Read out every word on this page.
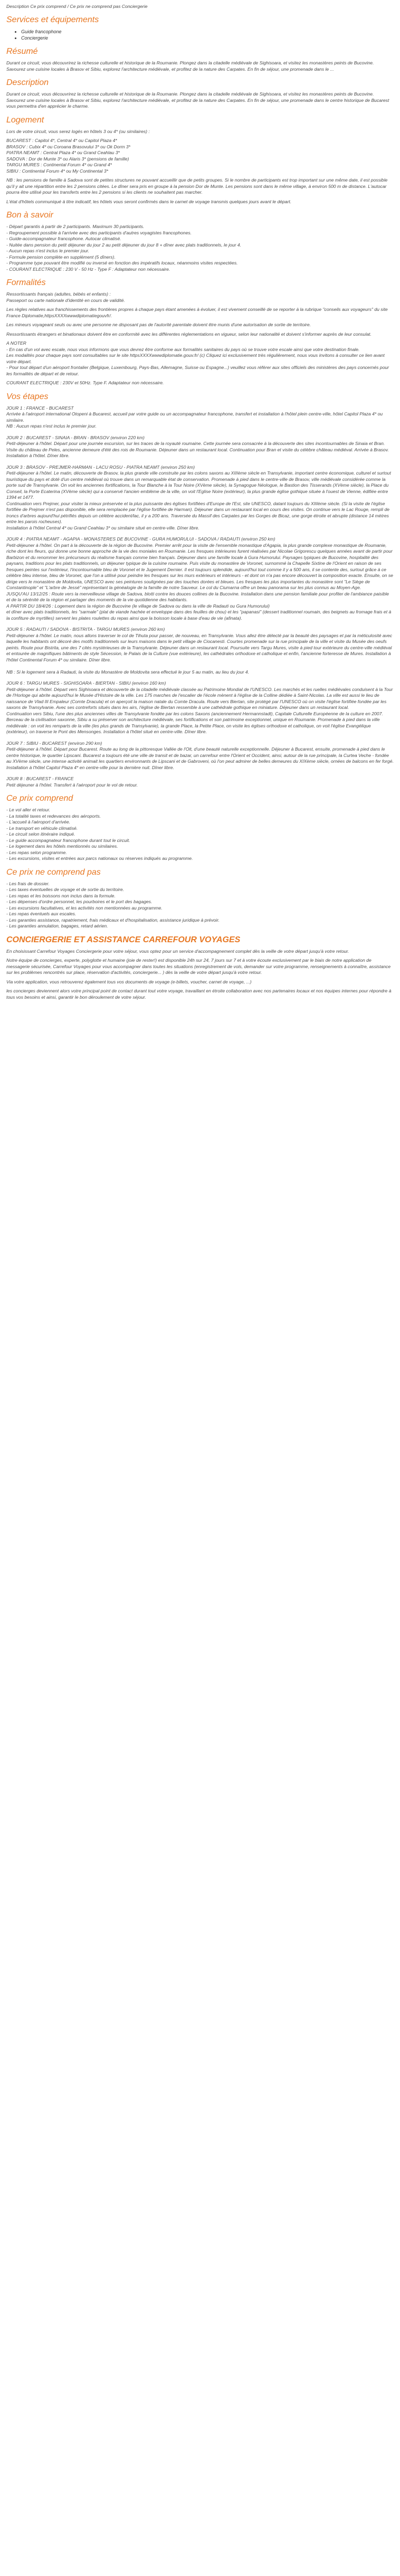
Description Ce prix comprend / Ce prix ne comprend pas Conciergerie

Services et équipements
• Guide francophone
• Conciergerie
Résumé

Durant ce circuit, vous découvrirez la richesse culturelle et historique de la Roumanie. Plongez dans la citadelle médiévale de Sighisoara, et visitez les monastères peints de Bucovine. Savourez une cuisine locales à Brasov et Sibiu, explorez l'architecture médiévale, et profitez de la nature des Carpates. En fin de séjour, une promenade dans le ...

Description

Durant ce circuit, vous découvrirez la richesse culturelle et historique de la Roumanie. Plongez dans la citadelle médiévale de Sighisoara, et visitez les monastères peints de Bucovine. Savourez une cuisine locales à Brasov et Sibiu, explorez l'architecture médiévale, et profitez de la nature des Carpates. En fin de séjour, une promenade dans le centre historique de Bucarest vous permettra d'en apprécier le charme.

Logement

Lors de votre circuit, vous serez logés en hôtels 3 ou 4* (ou similaires) :

BUCAREST : Capitol 4*, Central 4* ou Capitol Plaza 4*

BRASOV : Cubix 4* ou Coroana Brasovului 3* ou Ok Dorm 3*

PIATRA NEAMT : Central Plaza 4* ou Grand Ceahlau 3*

SADOVA : Dor de Munte 3* ou Alaris 3* (pensions de famille)

TARGU MURES : Continental Forum 4* ou Grand 4*

SIBIU : Continental Forum 4* ou My Continental 3*

NB : les pensions de famille à Sadova sont de petites structures ne pouvant accueillir que de petits groupes. Si le nombre de participants est trop important sur une même date, il est possible qu'il y ait une répartition entre les 2 pensions citées. Le dîner sera pris en groupe à la pension Dor de Munte. Les pensions sont dans le même village, à environ 500 m de distance. L'autocar pourra être utilisé pour les transferts entre les 2 pensions si les clients ne souhaitent pas marcher.

L'état d'hôtels communiqué à titre indicatif, les hôtels vous seront confirmés dans le carnet de voyage transmis quelques jours avant le départ.

Bon à savoir

- Départ garantis à partir de 2 participants. Maximum 30 participants.

- Regroupement possible à l'arrivée avec des participants d'autres voyagistes francophones.

- Guide-accompagnateur francophone. Autocar climatisé.

- Nuitée dans pension du petit déjeuner du jour 2 au petit déjeuner du jour 8 + dîner avec plats traditionnels, le jour 4.

- Aucun repas n'est inclus le premier jour.

- Formule pension complète en supplément (5 dîners).

- Programme type pouvant être modifié ou inversé en fonction des impératifs locaux, néanmoins visites respectées.

- COURANT ELECTRIQUE : 230 V - 50 Hz - Type F : Adaptateur non nécessaire.

Formalités

Ressortissants français (adultes, bébés et enfants) :

Passeport ou carte nationale d'identité en cours de validité.

Les règles relatives aux franchissements des frontières propres à chaque pays étant amenées à évoluer, il est vivement conseillé de se reporter à la rubrique "conseils aux voyageurs" du site France Diplomatie,httpsXXXXwwwdiplomatiegouvfr/.

Les mineurs voyageant seuls ou avec une personne ne disposant pas de l'autorité parentale doivent être munis d'une autorisation de sortie de territoire.

Ressortissants étrangers et binationaux doivent être en conformité avec les différentes réglementations en vigueur, selon leur nationalité et doivent s'informer auprès de leur consulat.

A NOTER

- En cas d'un vol avec escale, nous vous informons que vous devrez être conforme aux formalités sanitaires du pays où se trouve votre escale ainsi que votre destination finale.

Les modalités pour chaque pays sont consultables sur le site httpsXXXXwwwdiplomatie.gouv.fr/ (c) Cliquez ici exclusivement très régulièrement, nous vous invitons à consulter ce lien avant votre départ.

- Pour tout départ d'un aéroport frontalier (Belgique, Luxembourg, Pays-Bas, Allemagne, Suisse ou Espagne...) veuillez vous référer aux sites officiels des ministères des pays concernés pour les formalités de départ et de retour.

COURANT ELECTRIQUE : 230V et 50Hz. Type F. Adaptateur non nécessaire.

Vos étapes
JOUR 1 : FRANCE - BUCAREST
Arrivée à l'aéroport international Otopeni à Bucarest, accueil par votre guide ou un accompagnateur francophone, transfert et installation à l'hôtel plein centre-ville, hôtel Capitol Plaza 4* ou similaire.
NB : Aucun repas n'est inclus le premier jour.
JOUR 2 : BUCAREST - SINAIA - BRAN - BRASOV (environ 220 km)
Petit-déjeuner à l'hôtel. Départ pour une journée excursion, sur les traces de la royauté roumaine. Cette journée sera consacrée à la découverte des sites incontournables de Sinaia et Bran. Visite du château de Peles, ancienne demeure d'été des rois de Roumanie. Déjeuner dans un restaurant local. Continuation pour Bran et visite du célèbre château médiéval. Arrivée à Brasov. Installation à l'hôtel. Dîner libre.
JOUR 3 : BRASOV - PREJMER-HARMAN - LACU ROSU - PIATRA NEAMT (environ 250 km)
Petit-déjeuner à l'hôtel. Le matin, découverte de Brasov, la plus grande ville construite par les colons saxons au XIIIème siècle en Transylvanie, important centre économique, culturel et surtout touristique du pays et doté d'un centre médiéval où trouve dans un remarquable état de conservation. Promenade à pied dans le centre-ville de Brasov, ville médiévale considérée comme la porte sud de Transylvanie. On voit les anciennes fortifications, la Tour Blanche à la Tour Noire (XVème siècle), la Synagogue Néologue, le Bastion des Tisserands (XVème siècle), la Place du Conseil, la Porte Ecaterina (XVème siècle) qui a conservé l'ancien emblème de la ville, on voit l'Eglise Noire (extérieur), la plus grande église gothique située à l'ouest de Vienne, édifiée entre 1394 et 1477.
Continuation vers Prejmer, pour visiter la mieux préservée et la plus puissante des églises fortifiées d'Europe de l'Est, site UNESCO, datant toujours du XIIIème siècle. (Si la visite de l'église fortifiée de Prejmer n'est pas disponible, elle sera remplacée par l'église fortifiée de Harman). Déjeuner dans un restaurant local en cours des visites. On continue vers le Lac Rouge, rempli de troncs d'arbres aujourd'hui pétrifiés depuis un célèbre accident/lac, il y a 200 ans. Traversée du Massif des Carpates par les Gorges de Bicaz, une gorge étroite et abrupte (distance 14 mètres entre les parois rocheuses).
Installation à l'hôtel Central 4* ou Grand Ceahlau 3* ou similaire situé en centre-ville. Dîner libre.
JOUR 4 : PIATRA NEAMT - AGAPIA - MONASTERES DE BUCOVINE - GURA HUMORULUI - SADOVA / RADAUTI (environ 250 km)
Petit-déjeuner à l'hôtel. On part à la découverte de la région de Bucovine. Premier arrêt pour la visite de l'ensemble monastique d'Agapia, la plus grande complexe monastique de Roumanie, riche dont les fleurs, qui donne une bonne approche de la vie des moniales en Roumanie. Les fresques intérieures furent réalisées par Nicolae Grigorescu quelques années avant de partir pour Barbizon et du renommer les précurseurs du réalisme français comme bien français. Déjeuner dans une famille locale à Gura Humorului. Paysages typiques de Bucovine, hospitalité des paysans, traditions pour les plats traditionnels, un déjeuner typique de la cuisine roumaine. Puis visite du monastère de Voronet, surnommé la Chapelle Sixtine de l'Orient en raison de ses fresques peintes sur l'extérieur, l'incontournable bleu de Voronet et le Jugement Dernier. Il est toujours splendide, aujourd'hui tout comme il y a 500 ans, il se contente des, surtout grâce à ce célèbre bleu intense, bleu de Voronet, que l'on a utilisé pour peindre les fresques sur les murs extérieurs et intérieurs - et dont on n'a pas encore découvert la composition exacte. Ensuite, on se dirige vers le monastère de Moldovita, UNESCO avec ses peintures soulignées par des touches dorées et bleues. Les fresques les plus importantes du monastère sont "Le Siège de Constantinople" et "L'arbre de Jessé" représentant la généalogie de la famille de notre Sauveur. Le col du Ciumarna offre un beau panorama sur les plus connus au Moyen-Age.
JUSQU'AU 13/12/25 : Route vers la merveilleuse village de Sadova, blotti contre les douces collines de la Bucovine. Installation dans une pension familiale pour profiter de l'ambiance paisible et de la sérénité de la région et partager des moments de la vie quotidienne des habitants.
A PARTIR DU 18/4/26 : Logement dans la région de Bucovine (le village de Sadova ou dans la ville de Radauti ou Gura Humorului)
et dîner avec plats traditionnels, les "sarmale" (plat de viande hachée et enveloppe dans des feuilles de chou) et les "papanasi" (dessert traditionnel roumain, des beignets au fromage frais et à la confiture de myrtilles) servent les plates roulettes du repas ainsi que la boisson locale à base d'eau de vie (afinata).
JOUR 5 : RADAUTI / SADOVA - BISTRITA - TARGU MURES (environ 260 km)
Petit-déjeuner à l'hôtel. Le matin, nous allons traverser le col de Tihuta pour passer, de nouveau, en Transylvanie. Vous allez être délecté par la beauté des paysages et par la méticulosité avec laquelle les habitants ont décoré des motifs traditionnels sur leurs maisons dans le petit village de Ciocanesti. Courtes promenade sur la rue principale de la ville et visite du Musée des oeufs peints. Route pour Bistrita, une des 7 cités mystérieuses de la Transylvanie. Déjeuner dans un restaurant local. Poursuite vers Targu Mures, visite à pied tour extérieure du centre-ville médiéval et entourée de magnifiques bâtiments de style Sécession, le Palais de la Culture (vue extérieure), les cathédrales orthodoxe et catholique et enfin, l'ancienne forteresse de Mures. Installation à l'hôtel Continental Forum 4* ou similaire. Dîner libre.

NB : Si le logement sera à Radauti, la visite du Monastère de Moldovita sera effectué le jour 5 au matin, au lieu du jour 4.
JOUR 6 : TARGU MURES - SIGHISOARA - BIERTAN - SIBIU (environ 160 km)
Petit-déjeuner à l'hôtel. Départ vers Sighisoara et découverte de la citadelle médiévale classée au Patrimoine Mondial de l'UNESCO. Les marchés et les ruelles médiévales conduisent à la Tour de l'Horloge qui abrite aujourd'hui le Musée d'Histoire de la ville. Les 175 marches de l'escalier de l'école mènent à l'église de la Colline dédiée à Saint-Nicolas. La ville est aussi le lieu de naissance de Vlad III Empaleur (Comte Dracula) et on aperçoit la maison natale du Comte Dracula. Route vers Biertan, site protégé par l'UNESCO où on visite l'église fortifiée fondée par les saxons de Transylvanie. Avec ses contreforts situés dans les airs, l'église de Biertan ressemble à une cathédrale gothique en miniature. Déjeuner dans un restaurant local.
Continuation vers Sibiu, l'une des plus anciennes villes de Transylvanie fondée par les colons Saxons (anciennement Hermannstadt), Capitale Culturelle Européenne de la culture en 2007. Berceau de la civilisation saxonne, Sibiu a su préserver son architecture médiévale, ses fortifications et son patrimoine exceptionnel, unique en Roumanie. Promenade à pied dans la ville médiévale : on voit les remparts de la ville (les plus grands de Transylvanie), la grande Place, la Petite Place, on visite les églises orthodoxe et catholique, on voit l'église Evangélique (extérieur), on traverse le Pont des Mensonges. Installation à l'hôtel situé en centre-ville. Dîner libre.
JOUR 7 : SIBIU - BUCAREST (environ 290 km)
Petit-déjeuner à l'hôtel. Départ pour Bucarest. Route au long de la pittoresque Vallée de l'Olt, d'une beauté naturelle exceptionnelle. Déjeuner à Bucarest, ensuite, promenade à pied dans le centre historique, le quartier Lipscani. Bucarest a toujours été une ville de transit et de bazar, un carrefour entre l'Orient et Occident, ainsi, autour de la rue principale, la Curtea Veche - fondée au XVème siècle, une intense activité animait les quartiers environnants de Lipscani et de Gabroveni, où l'on peut admirer de belles demeures du XIXème siècle, ornées de balcons en fer forgé. Installation à l'hôtel Capitol Plaza 4* en centre-ville pour la dernière nuit. Dîner libre.
JOUR 8 : BUCAREST - FRANCE
Petit déjeuner à l'hôtel. Transfert à l'aéroport pour le vol de retour.
Ce prix comprend

- Le vol aller et retour.

- La totalité taxes et redevances des aéroports.

- L'accueil à l'aéroport d'arrivée.

- Le transport en véhicule climatisé.

- Le circuit selon itinéraire indiqué.

- Le guide accompagnateur francophone durant tout le circuit.

- Le logement dans les hôtels mentionnés ou similaires.

- Les repas selon programme.

- Les excursions, visites et entrées aux parcs nationaux ou réserves indiqués au programme.

Ce prix ne comprend pas

- Les frais de dossier.

- Les taxes éventuelles de voyage et de sortie du territoire.

- Les repas et les boissons non inclus dans la formule.

- Les dépenses d'ordre personnel, les pourboires et le port des bagages.

- Les excursions facultatives, et les activités non mentionnées au programme.

- Les repas éventuels aux escales.

- Les garanties assistance, rapatriement, frais médicaux et d'hospitalisation, assistance juridique à prévoir.

- Les garanties annulation, bagages, retard aérien.

CONCIERGERIE ET ASSISTANCE CARREFOUR VOYAGES

En choisissant Carrefour Voyages Conciergerie pour votre séjour, vous optez pour un service d'accompagnement complet dès la veille de votre départ jusqu'à votre retour.

Notre équipe de concierges, experte, polyglotte et humaine (joie de rester!) est disponible 24h sur 24, 7 jours sur 7 et à votre écoute exclusivement par le biais de notre application de messagerie sécurisée, Carrefour Voyages pour vous accompagner dans toutes les situations (enregistrement de vols, demander sur votre programme, renseignements à connaître, assistance sur les problèmes rencontrés sur place, réservation d'activités, conciergerie... ) dès la veille de votre départ jusqu'à votre retour.

Via votre application, vous retrouverez également tous vos documents de voyage (e-billets, voucher, carnet de voyage, ...)

les concierges deviennent alors votre principal point de contact durant tout votre voyage, travaillant en étroite collaboration avec nos partenaires locaux et nos équipes internes pour répondre à tous vos besoins et ainsi, garantir le bon déroulement de votre séjour.
